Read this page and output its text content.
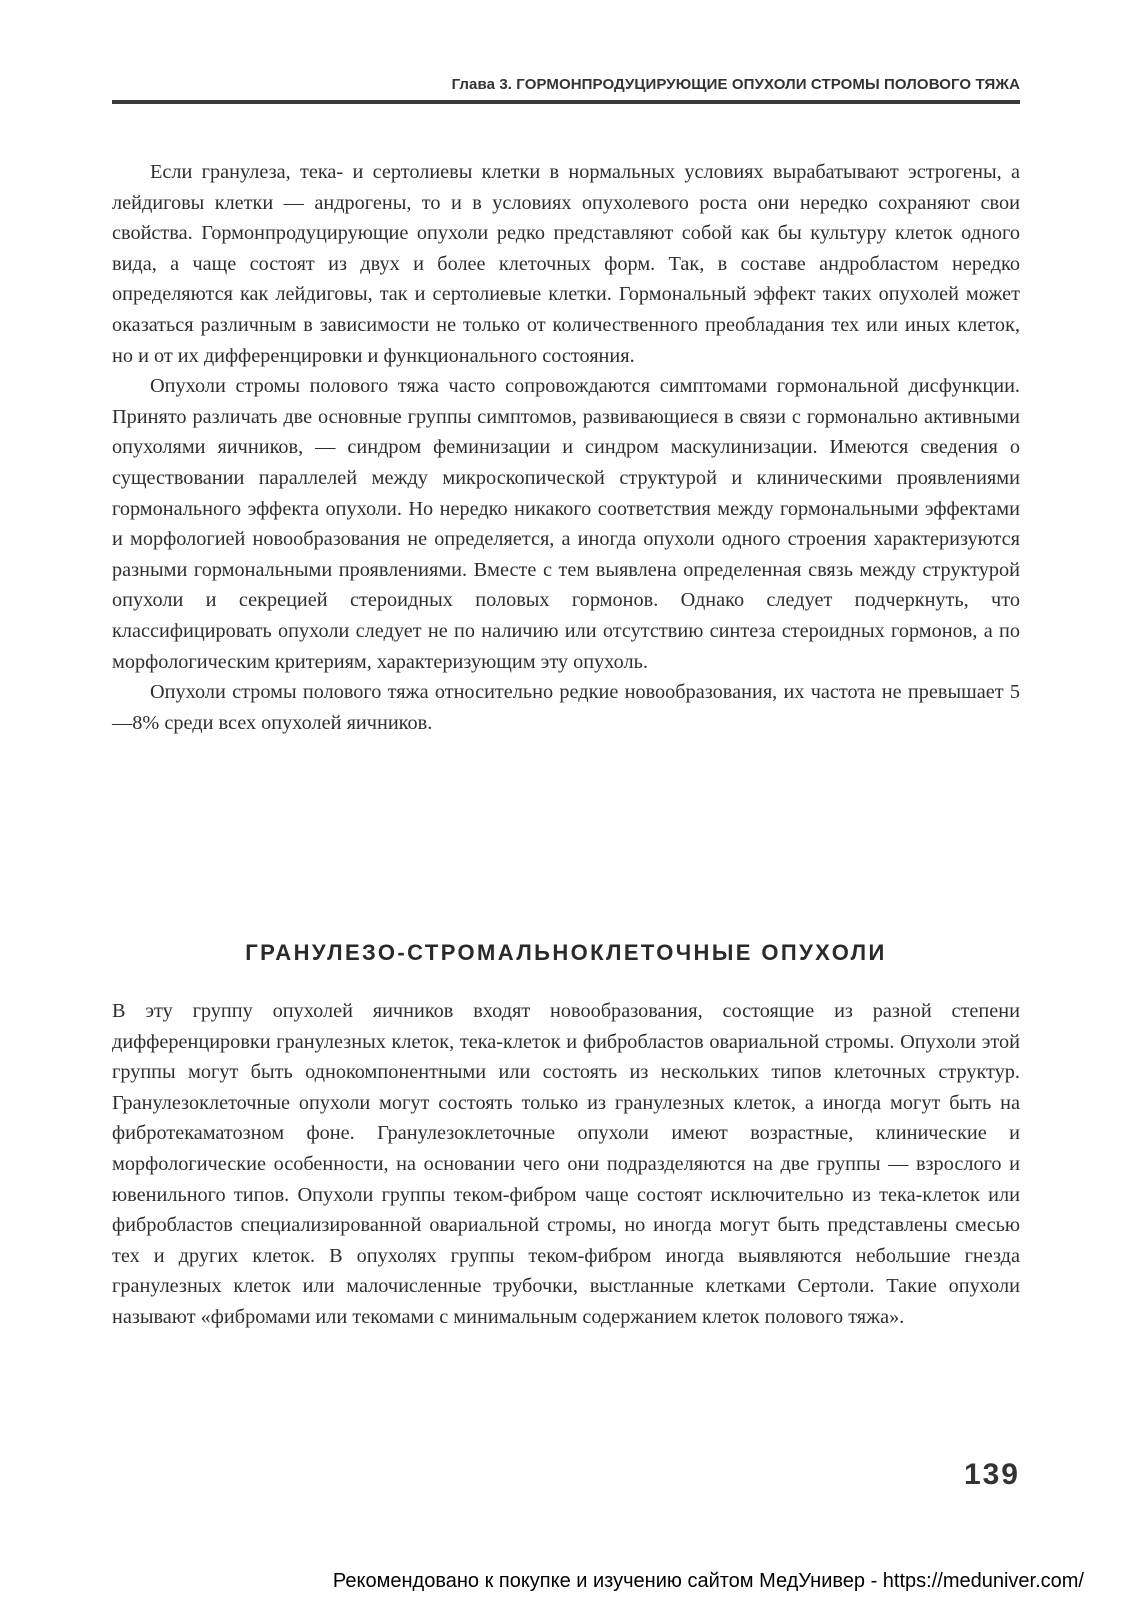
Глава 3. ГОРМОНПРОДУЦИРУЮЩИЕ ОПУХОЛИ СТРОМЫ ПОЛОВОГО ТЯЖА

Если гранулеза, тека- и сертолиевы клетки в нормальных условиях вырабатывают эстрогены, а лейдиговы клетки — андрогены, то и в условиях опухолевого роста они нередко сохраняют свои свойства. Гормонпродуцирующие опухоли редко представляют собой как бы культуру клеток одного вида, а чаще состоят из двух и более клеточных форм. Так, в составе андробластом нередко определяются как лейдиговы, так и сертолиевые клетки. Гормональный эффект таких опухолей может оказаться различным в зависимости не только от количественного преобладания тех или иных клеток, но и от их дифференцировки и функционального состояния.

Опухоли стромы полового тяжа часто сопровождаются симптомами гормональной дисфункции. Принято различать две основные группы симптомов, развивающиеся в связи с гормонально активными опухолями яичников, — синдром феминизации и синдром маскулинизации. Имеются сведения о существовании параллелей между микроскопической структурой и клиническими проявлениями гормонального эффекта опухоли. Но нередко никакого соответствия между гормональными эффектами и морфологией новообразования не определяется, а иногда опухоли одного строения характеризуются разными гормональными проявлениями. Вместе с тем выявлена определенная связь между структурой опухоли и секрецией стероидных половых гормонов. Однако следует подчеркнуть, что классифицировать опухоли следует не по наличию или отсутствию синтеза стероидных гормонов, а по морфологическим критериям, характеризующим эту опухоль.

Опухоли стромы полового тяжа относительно редкие новообразования, их частота не превышает 5—8% среди всех опухолей яичников.

ГРАНУЛЕЗО-СТРОМАЛЬНОКЛЕТОЧНЫЕ ОПУХОЛИ

В эту группу опухолей яичников входят новообразования, состоящие из разной степени дифференцировки гранулезных клеток, тека-клеток и фибробластов овариальной стромы. Опухоли этой группы могут быть однокомпонентными или состоять из нескольких типов клеточных структур. Гранулезоклеточные опухоли могут состоять только из гранулезных клеток, а иногда могут быть на фибротекаматозном фоне. Гранулезоклеточные опухоли имеют возрастные, клинические и морфологические особенности, на основании чего они подразделяются на две группы — взрослого и ювенильного типов. Опухоли группы теком-фибром чаще состоят исключительно из тека-клеток или фибробластов специализированной овариальной стромы, но иногда могут быть представлены смесью тех и других клеток. В опухолях группы теком-фибром иногда выявляются небольшие гнезда гранулезных клеток или малочисленные трубочки, выстланные клетками Сертоли. Такие опухоли называют «фибромами или текомами с минимальным содержанием клеток полового тяжа».

139
Рекомендовано к покупке и изучению сайтом МедУнивер - https://meduniver.com/
